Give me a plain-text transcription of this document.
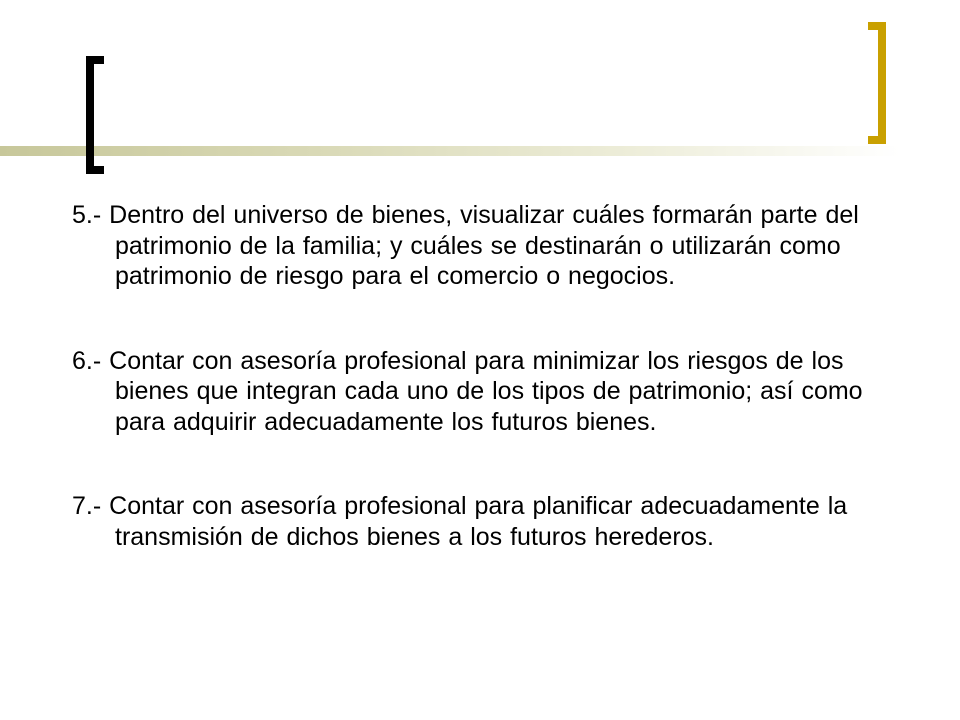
5.- Dentro del universo de bienes, visualizar cuáles formarán parte del patrimonio de la familia; y cuáles se destinarán o utilizarán como patrimonio de riesgo para el comercio o negocios.

6.- Contar con asesoría profesional para minimizar los riesgos de los bienes que integran cada uno de los tipos de patrimonio; así como para adquirir adecuadamente los futuros bienes.

7.- Contar con asesoría profesional para planificar adecuadamente la transmisión de dichos bienes a los futuros herederos.
